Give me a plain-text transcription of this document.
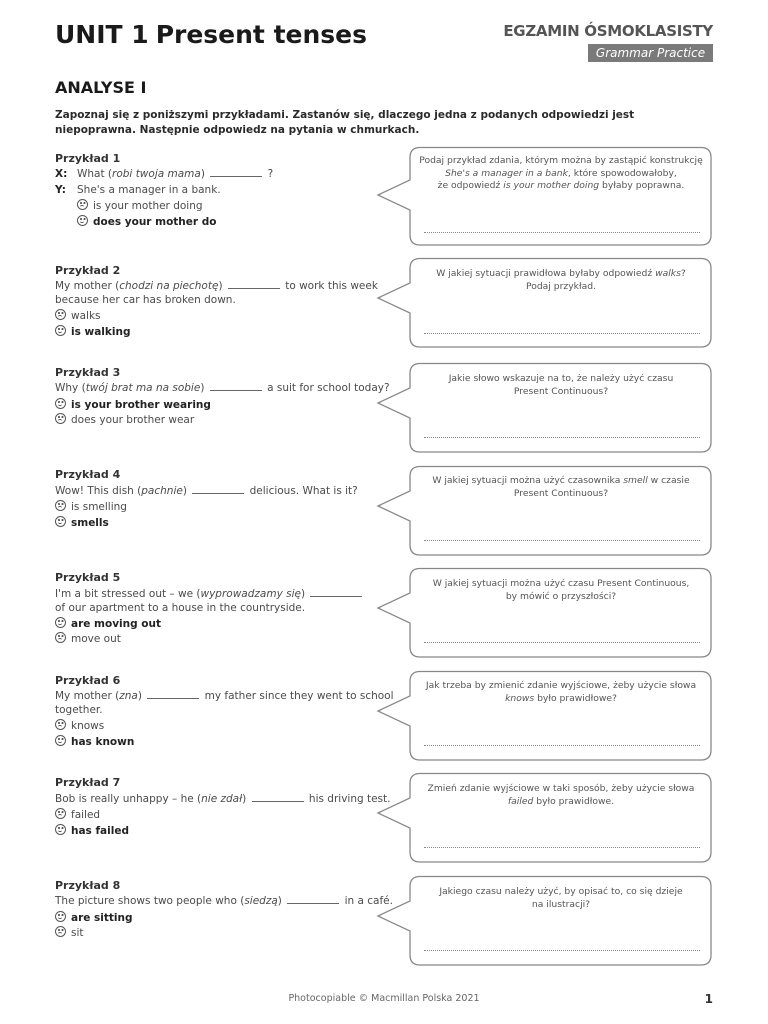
UNIT 1 Present tenses	EGZAMIN ÓSMOKLASISTY
Grammar Practice
ANALYSE I
Zapoznaj się z poniższymi przykładami. Zastanów się, dlaczego jedna z podanych odpowiedzi jest niepoprawna. Następnie odpowiedz na pytania w chmurkach.
Przykład 1
X: What (robi twoja mama)	?
Y: She's a manager in a bank.
is your mother doing
does your mother do
Przykład 2
My mother (chodzi na piechotę)	to work this week
because her car has broken down.
walks
is walking
Przykład 3
Why (twój brat ma na sobie)	a suit for school today?
is your brother wearing
does your brother wear
Przykład 4
Wow! This dish (pachnie)	delicious. What is it?
is smelling
smells
Przykład 5
I'm a bit stressed out – we (wyprowadzamy się)
of our apartment to a house in the countryside.
are moving out
move out
Przykład 6
My mother (zna)	my father since they went to school
together.
knows
has known
Przykład 7
Bob is really unhappy – he (nie zdał)	his driving test.
failed
has failed
Przykład 8
The picture shows two people who (siedzą)	in a café.
are sitting
sit
Podaj przykład zdania, którym można by zastąpić konstrukcję
She's a manager in a bank, które spowodowałoby,
że odpowiedź is your mother doing byłaby poprawna.
W jakiej sytuacji prawidłowa byłaby odpowiedź walks?
Podaj przykład.
Jakie słowo wskazuje na to, że należy użyć czasu
Present Continuous?
W jakiej sytuacji można użyć czasownika smell w czasie
Present Continuous?
W jakiej sytuacji można użyć czasu Present Continuous,
by mówić o przyszłości?
Jak trzeba by zmienić zdanie wyjściowe, żeby użycie słowa
knows było prawidłowe?
Zmień zdanie wyjściowe w taki sposób, żeby użycie słowa
failed było prawidłowe.
Jakiego czasu należy użyć, by opisać to, co się dzieje
na ilustracji?
Photocopiable © Macmillan Polska 2021	1
